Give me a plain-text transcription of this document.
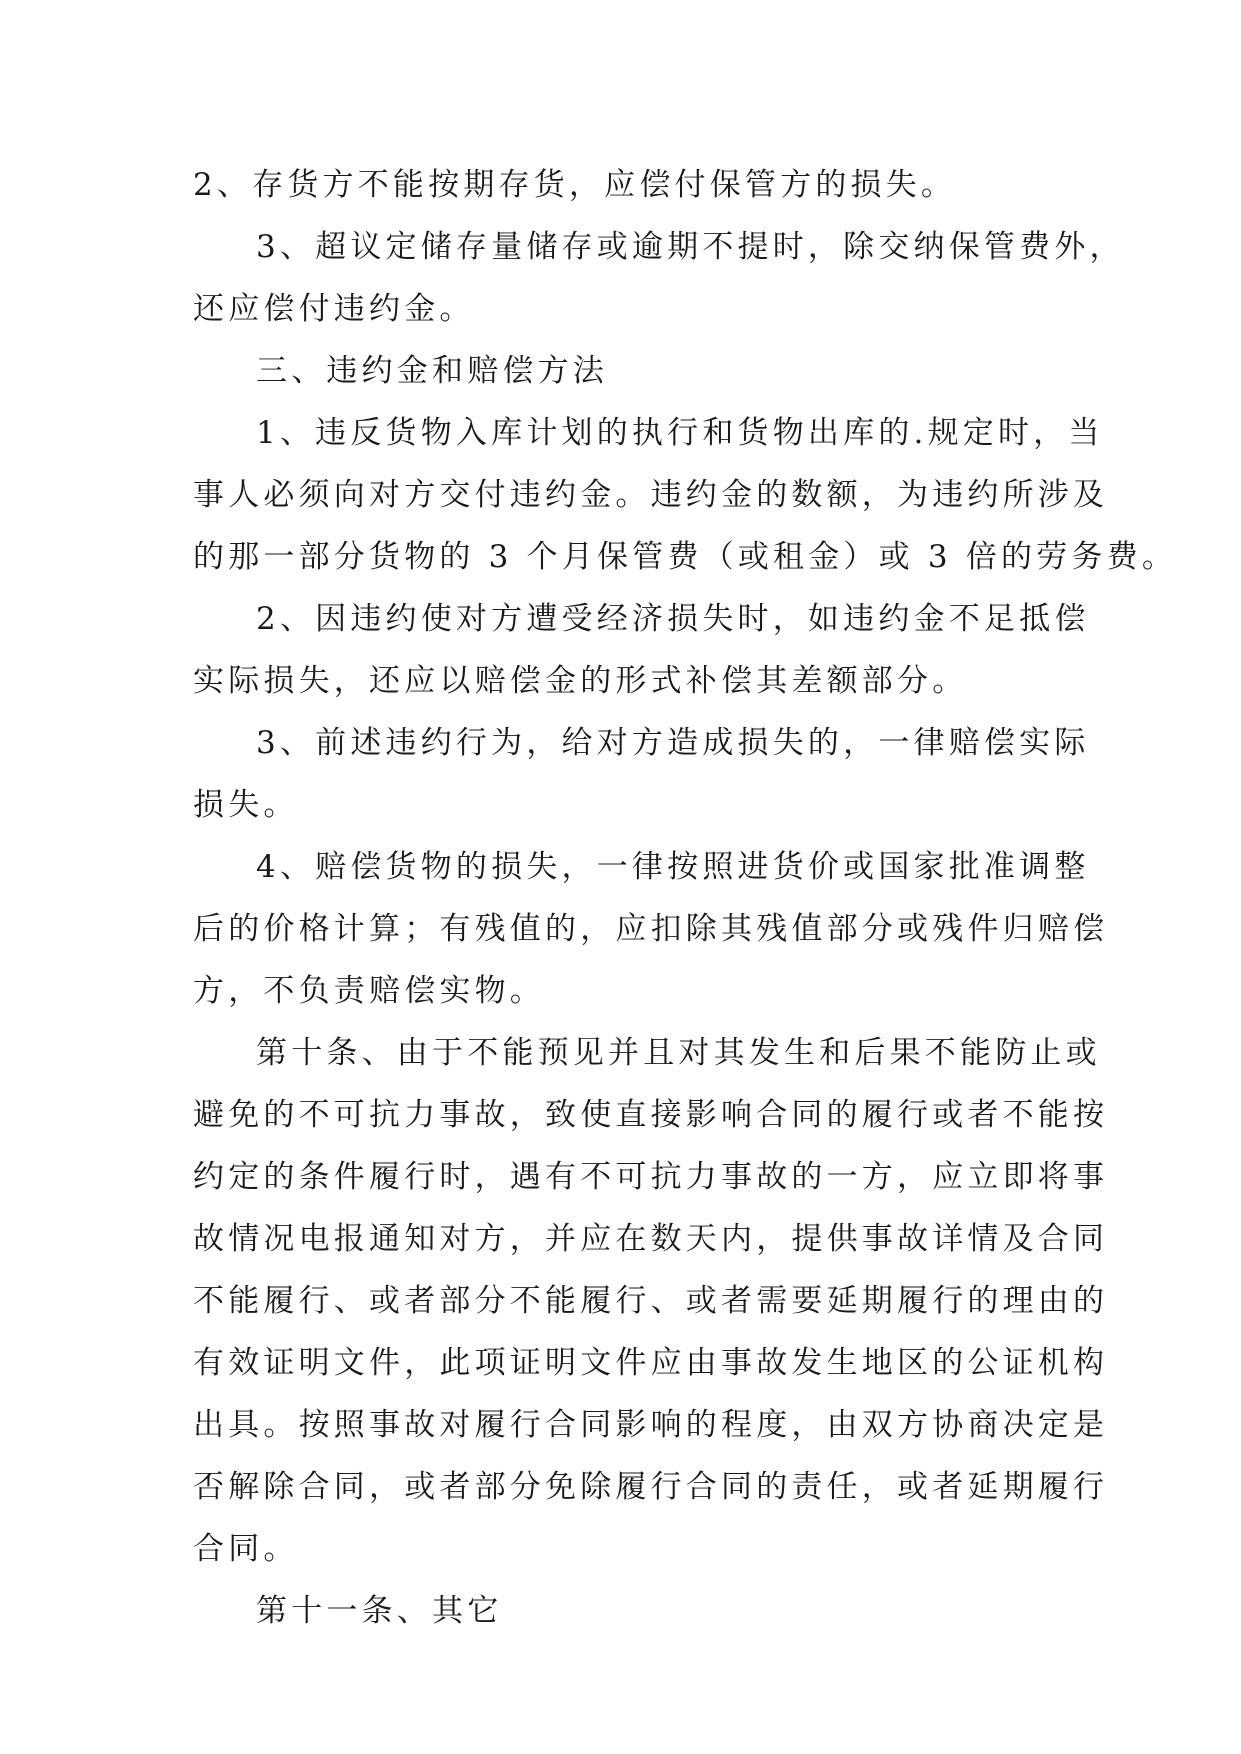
2、存货方不能按期存货，应偿付保管方的损失。
3、超议定储存量储存或逾期不提时，除交纳保管费外，
还应偿付违约金。
三、违约金和赔偿方法
1、违反货物入库计划的执行和货物出库的.规定时，当
事人必须向对方交付违约金。违约金的数额，为违约所涉及
的那一部分货物的 3 个月保管费（或租金）或 3 倍的劳务费。
2、因违约使对方遭受经济损失时，如违约金不足抵偿
实际损失，还应以赔偿金的形式补偿其差额部分。
3、前述违约行为，给对方造成损失的，一律赔偿实际
损失。
4、赔偿货物的损失，一律按照进货价或国家批准调整
后的价格计算；有残值的，应扣除其残值部分或残件归赔偿
方，不负责赔偿实物。
第十条、由于不能预见并且对其发生和后果不能防止或
避免的不可抗力事故，致使直接影响合同的履行或者不能按
约定的条件履行时，遇有不可抗力事故的一方，应立即将事
故情况电报通知对方，并应在数天内，提供事故详情及合同
不能履行、或者部分不能履行、或者需要延期履行的理由的
有效证明文件，此项证明文件应由事故发生地区的公证机构
出具。按照事故对履行合同影响的程度，由双方协商决定是
否解除合同，或者部分免除履行合同的责任，或者延期履行
合同。
第十一条、其它
